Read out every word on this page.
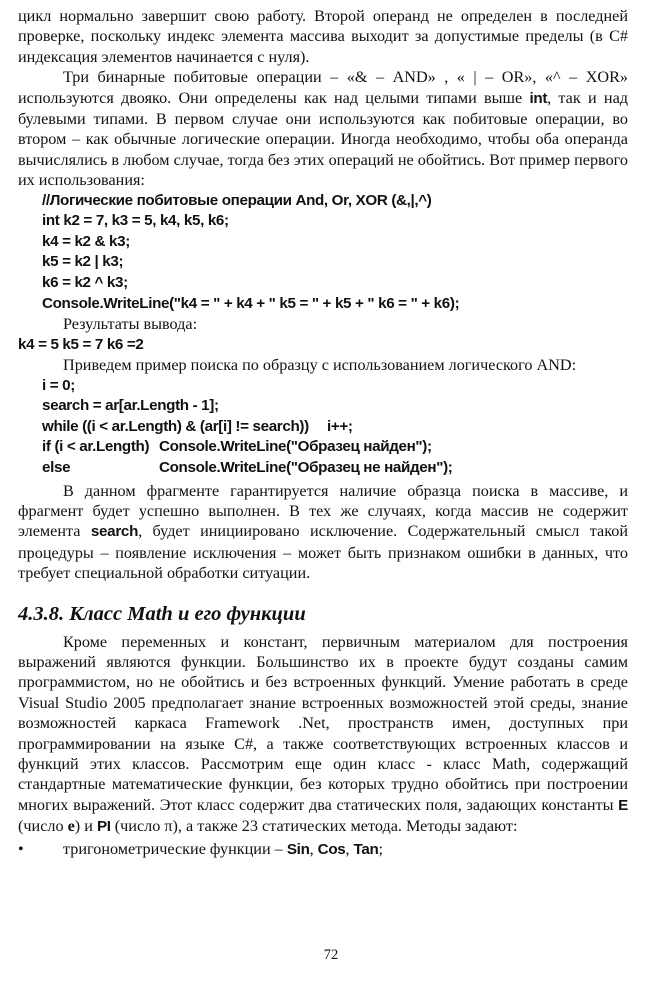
цикл нормально завершит свою работу. Второй операнд не определен в последней проверке, поскольку индекс элемента массива выходит за допустимые пределы (в C# индексация элементов начинается с нуля).

Три бинарные побитовые операции – «& – AND» , « | – OR», «^ – XOR» используются двояко. Они определены как над целыми типами выше int, так и над булевыми типами. В первом случае они используются как побитовые операции, во втором – как обычные логические операции. Иногда необходимо, чтобы оба операнда вычислялись в любом случае, тогда без этих операций не обойтись. Вот пример первого их использования:

//Логические побитовые операции And, Or, XOR (&,|,^)
int k2 = 7, k3 = 5, k4, k5, k6;
k4 = k2 & k3;
k5 = k2 | k3;
k6 = k2 ^ k3;
Console.WriteLine("k4 = " + k4 + " k5 = " + k5 + " k6 = " + k6);

Результаты вывода:

k4 = 5 k5 = 7 k6 =2

Приведем пример поиска по образцу с использованием логического AND:

i = 0;
search = ar[ar.Length - 1];
while ((i < ar.Length) & (ar[i] != search))	i++;
if (i < ar.Length) Console.WriteLine("Образец найден");
else	Console.WriteLine("Образец не найден");

В данном фрагменте гарантируется наличие образца поиска в массиве, и фрагмент будет успешно выполнен. В тех же случаях, когда массив не содержит элемента search, будет инициировано исключение. Содержательный смысл такой процедуры – появление исключения – может быть признаком ошибки в данных, что требует специальной обработки ситуации.

4.3.8. Класс Math и его функции

Кроме переменных и констант, первичным материалом для построения выражений являются функции. Большинство их в проекте будут созданы самим программистом, но не обойтись и без встроенных функций. Умение работать в среде Visual Studio 2005 предполагает знание встроенных возможностей этой среды, знание возможностей каркаса Framework .Net, пространств имен, доступных при программировании на языке C#, а также соответствующих встроенных классов и функций этих классов. Рассмотрим еще один класс - класс Math, содержащий стандартные математические функции, без которых трудно обойтись при построении многих выражений. Этот класс содержит два статических поля, задающих константы E (число e) и PI (число π), а также 23 статических метода. Методы задают:

•	тригонометрические функции – Sin, Cos, Tan;
72
